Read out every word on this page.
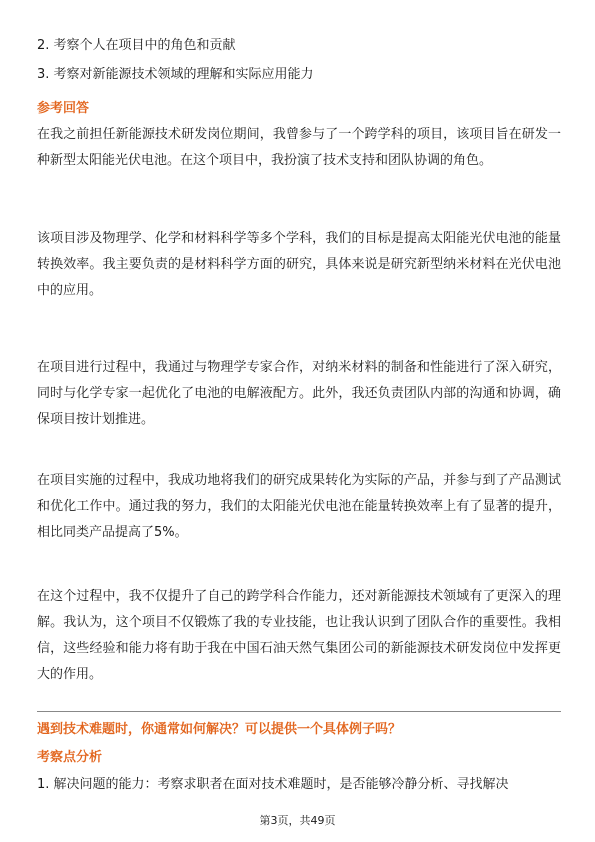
2. 考察个人在项目中的角色和贡献
3. 考察对新能源技术领域的理解和实际应用能力
参考回答
在我之前担任新能源技术研发岗位期间，我曾参与了一个跨学科的项目，该项目旨在研发一种新型太阳能光伏电池。在这个项目中，我扮演了技术支持和团队协调的角色。
该项目涉及物理学、化学和材料科学等多个学科，我们的目标是提高太阳能光伏电池的能量转换效率。我主要负责的是材料科学方面的研究，具体来说是研究新型纳米材料在光伏电池中的应用。
在项目进行过程中，我通过与物理学专家合作，对纳米材料的制备和性能进行了深入研究，同时与化学专家一起优化了电池的电解液配方。此外，我还负责团队内部的沟通和协调，确保项目按计划推进。
在项目实施的过程中，我成功地将我们的研究成果转化为实际的产品，并参与到了产品测试和优化工作中。通过我的努力，我们的太阳能光伏电池在能量转换效率上有了显著的提升，相比同类产品提高了5%。
在这个过程中，我不仅提升了自己的跨学科合作能力，还对新能源技术领域有了更深入的理解。我认为，这个项目不仅锻炼了我的专业技能，也让我认识到了团队合作的重要性。我相信，这些经验和能力将有助于我在中国石油天然气集团公司的新能源技术研发岗位中发挥更大的作用。
遇到技术难题时，你通常如何解决？可以提供一个具体例子吗？
考察点分析
1. 解决问题的能力：考察求职者在面对技术难题时，是否能够冷静分析、寻找解决
第3页，共49页
